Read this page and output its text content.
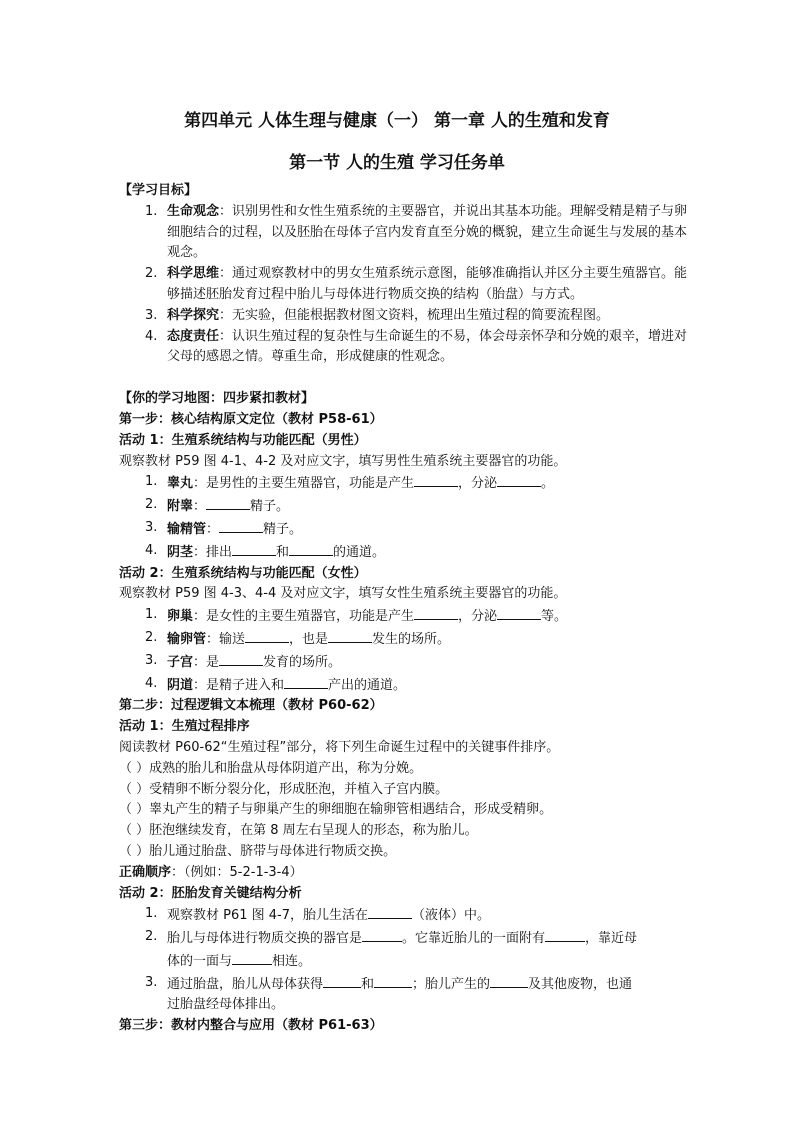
第四单元 人体生理与健康（一） 第一章 人的生殖和发育
第一节 人的生殖 学习任务单
【学习目标】
1. 生命观念：识别男性和女性生殖系统的主要器官，并说出其基本功能。理解受精是精子与卵细胞结合的过程，以及胚胎在母体子宫内发育直至分娩的概貌，建立生命诞生与发展的基本观念。
2. 科学思维：通过观察教材中的男女生殖系统示意图，能够准确指认并区分主要生殖器官。能够描述胚胎发育过程中胎儿与母体进行物质交换的结构（胎盘）与方式。
3. 科学探究：无实验，但能根据教材图文资料，梳理出生殖过程的简要流程图。
4. 态度责任：认识生殖过程的复杂性与生命诞生的不易，体会母亲怀孕和分娩的艰辛，增进对父母的感恩之情。尊重生命，形成健康的性观念。
【你的学习地图：四步紧扣教材】
第一步：核心结构原文定位（教材 P58-61）
活动 1：生殖系统结构与功能匹配（男性）
观察教材 P59 图 4-1、4-2 及对应文字，填写男性生殖系统主要器官的功能。
1. 睾丸：是男性的主要生殖器官，功能是产生	，分泌	。
2. 附睾：	精子。
3. 输精管：	精子。
4. 阴茎：排出	和	的通道。
活动 2：生殖系统结构与功能匹配（女性）
观察教材 P59 图 4-3、4-4 及对应文字，填写女性生殖系统主要器官的功能。
1. 卵巢：是女性的主要生殖器官，功能是产生	，分泌	等。
2. 输卵管：输送	，也是	发生的场所。
3. 子宫：是	发育的场所。
4. 阴道：是精子进入和	产出的通道。
第二步：过程逻辑文本梳理（教材 P60-62）
活动 1：生殖过程排序
阅读教材 P60-62“生殖过程”部分，将下列生命诞生过程中的关键事件排序。
（ ）成熟的胎儿和胎盘从母体阴道产出，称为分娩。
（ ）受精卵不断分裂分化，形成胚泡，并植入子宫内膜。
（ ）睾丸产生的精子与卵巢产生的卵细胞在输卵管相遇结合，形成受精卵。
（ ）胚泡继续发育，在第 8 周左右呈现人的形态，称为胎儿。
（ ）胎儿通过胎盘、脐带与母体进行物质交换。
正确顺序：（例如：5-2-1-3-4）
活动 2：胚胎发育关键结构分析
1. 观察教材 P61 图 4-7，胎儿生活在	（液体）中。
2. 胎儿与母体进行物质交换的器官是	。它靠近胎儿的一面附有	，靠近母
体的一面与	相连。
3. 通过胎盘，胎儿从母体获得	和	；胎儿产生的	及其他废物，也通
过胎盘经母体排出。
第三步：教材内整合与应用（教材 P61-63）
